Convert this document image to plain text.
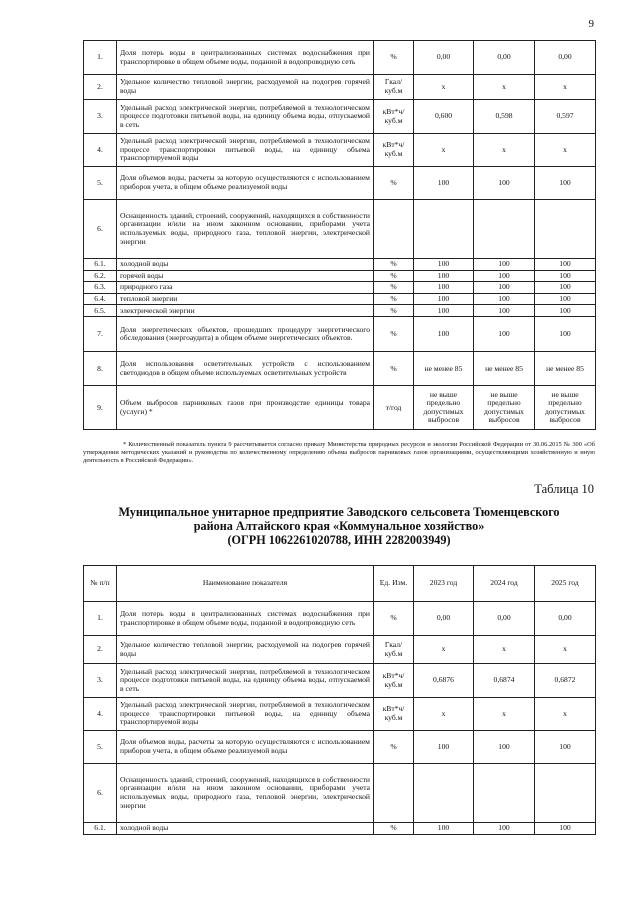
9
1.	Доля потерь воды в централизованных системах водоснабжения при транспортировке в общем объеме воды, поданной в водопроводную сеть	%	0,00	0,00	0,00
2.	Удельное количество тепловой энергии, расходуемой на подогрев горячей воды	Гкал/ куб.м	x	x	x
3.	Удельный расход электрической энергии, потребляемой в технологическом процессе подготовки питьевой воды, на единицу объема воды, отпускаемой в сеть	кВт*ч/ куб.м	0,600	0,598	0,597
4.	Удельный расход электрической энергии, потребляемой в технологическом процессе транспортировки питьевой воды, на единицу объема транспортируемой воды	кВт*ч/ куб.м	x	x	x
5.	Доля объемов воды, расчеты за которую осуществляются с использованием приборов учета, в общем объеме реализуемой воды	%	100	100	100
6.	Оснащенность зданий, строений, сооружений, находящихся в собственности организации и/или на ином законном основании, приборами учета используемых воды, природного газа, тепловой энергии, электрической энергии				
6.1.	холодной воды	%	100	100	100
6.2.	горячей воды	%	100	100	100
6.3.	природного газа	%	100	100	100
6.4.	тепловой энергии	%	100	100	100
6.5.	электрической энергии	%	100	100	100
7.	Доля энергетических объектов, прошедших процедуру энергетического обследования (энергоаудита) в общем объеме энергетических объектов.	%	100	100	100
8.	Доля использования осветительных устройств с использованием светодиодов в общем объеме используемых осветительных устройств	%	не менее 85	не менее 85	не менее 85
9.	Объем выбросов парниковых газов при производстве единицы товара (услуги) *	т/год	не выше предельно допустимых выбросов	не выше предельно допустимых выбросов	не выше предельно допустимых выбросов
* Количественный показатель пункта 9 рассчитывается согласно приказу Министерства природных ресурсов и экологии Российской Федерации от 30.06.2015 № 300 «Об утверждении методических указаний и руководства по количественному определению объема выбросов парниковых газов организациями, осуществляющими хозяйственную и иную деятельность в Российской Федерации».
Таблица 10
Муниципальное унитарное предприятие Заводского сельсовета Тюменцевского
района Алтайского края «Коммунальное хозяйство»
(ОГРН 1062261020788, ИНН 2282003949)
№ п/п	Наименование показателя	Ед. Изм.	2023 год	2024 год	2025 год
1.	Доля потерь воды в централизованных системах водоснабжения при транспортировке в общем объеме воды, поданной в водопроводную сеть	%	0,00	0,00	0,00
2.	Удельное количество тепловой энергии, расходуемой на подогрев горячей воды	Гкал/ куб.м	x	x	x
3.	Удельный расход электрической энергии, потребляемой в технологическом процессе подготовки питьевой воды, на единицу объема воды, отпускаемой в сеть	кВт*ч/ куб.м	0,6876	0,6874	0,6872
4.	Удельный расход электрической энергии, потребляемой в технологическом процессе транспортировки питьевой воды, на единицу объема транспортируемой воды	кВт*ч/ куб.м	x	x	x
5.	Доля объемов воды, расчеты за которую осуществляются с использованием приборов учета, в общем объеме реализуемой воды	%	100	100	100
6.	Оснащенность зданий, строений, сооружений, находящихся в собственности организации и/или на ином законном основании, приборами учета используемых воды, природного газа, тепловой энергии, электрической энергии				
6.1.	холодной воды	%	100	100	100
